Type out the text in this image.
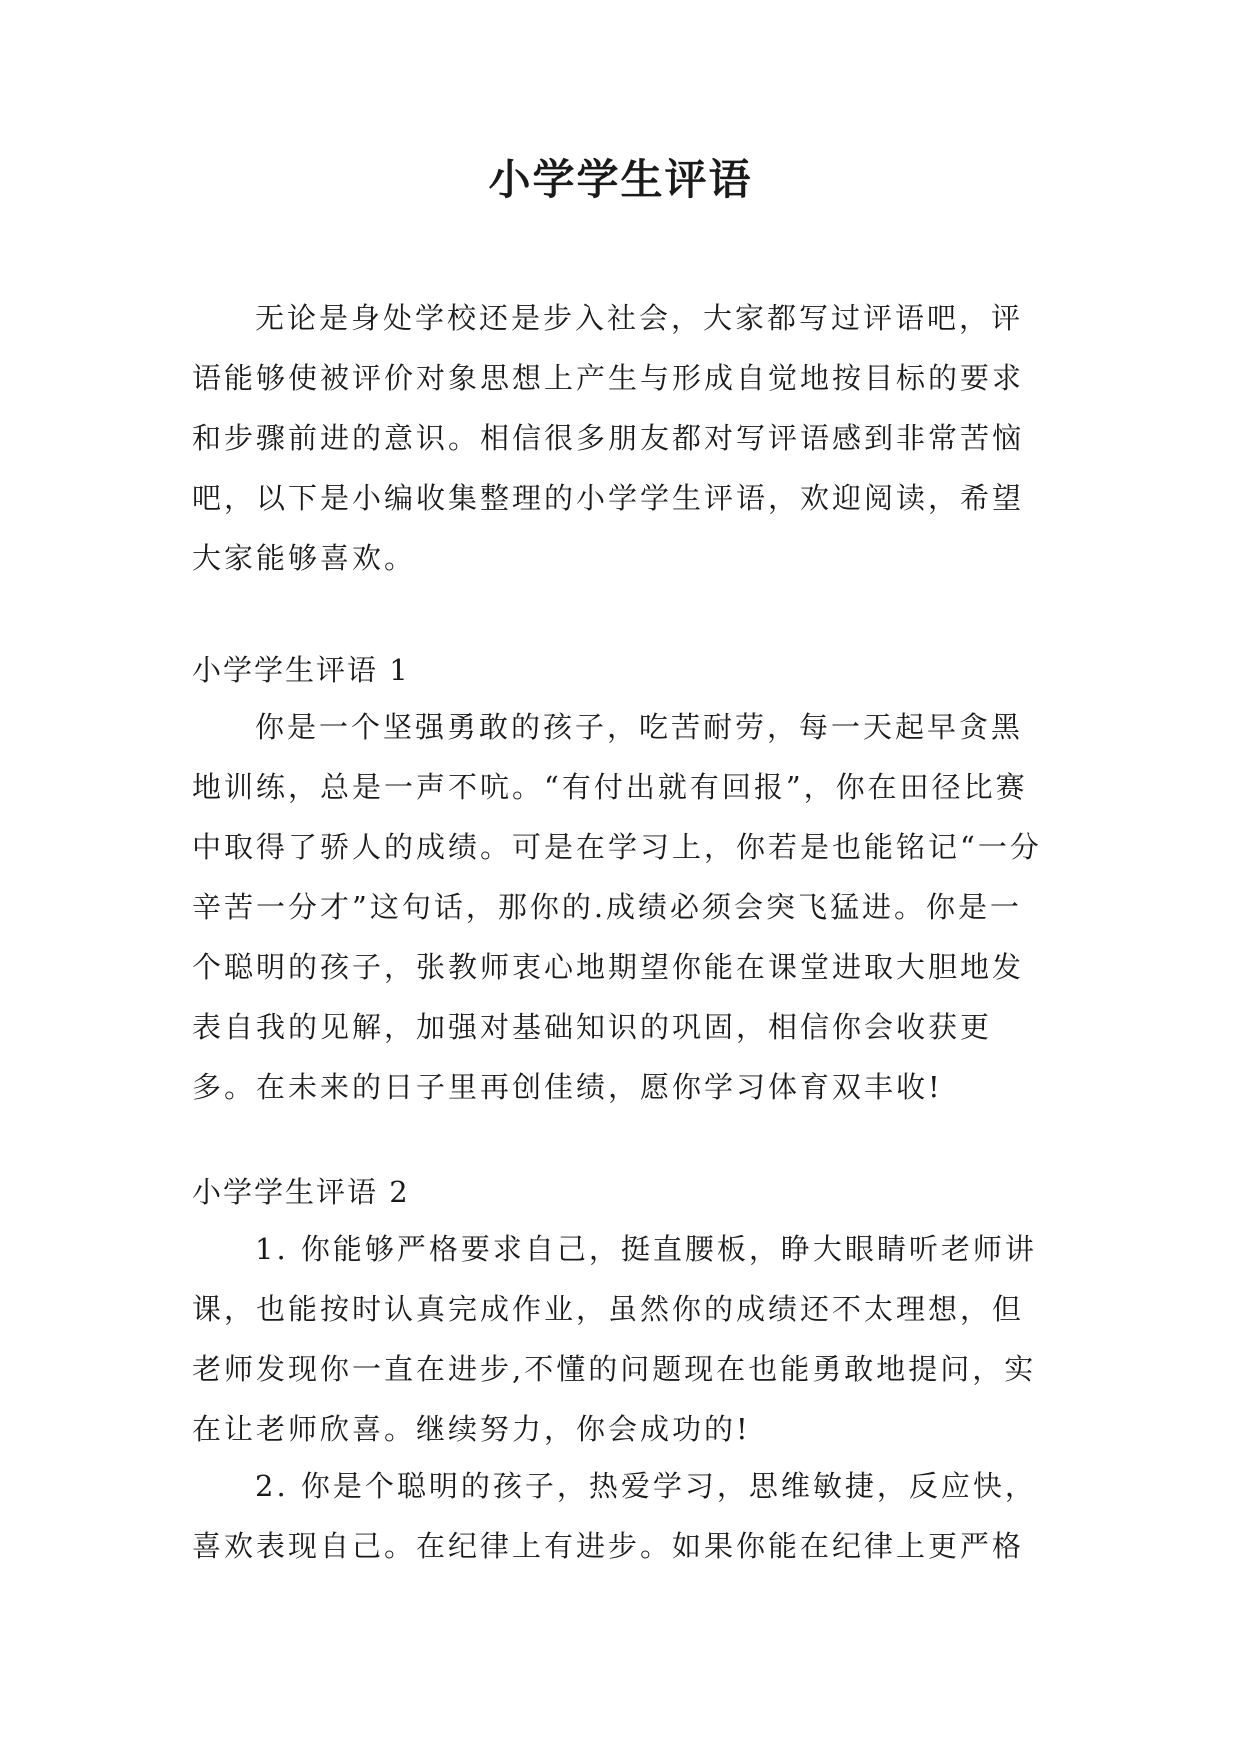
小学学生评语

无论是身处学校还是步入社会，大家都写过评语吧，评语能够使被评价对象思想上产生与形成自觉地按目标的要求和步骤前进的意识。相信很多朋友都对写评语感到非常苦恼吧，以下是小编收集整理的小学学生评语，欢迎阅读，希望大家能够喜欢。

小学学生评语 1

你是一个坚强勇敢的孩子，吃苦耐劳，每一天起早贪黑地训练，总是一声不吭。“有付出就有回报”，你在田径比赛中取得了骄人的成绩。可是在学习上，你若是也能铭记“一分辛苦一分才”这句话，那你的.成绩必须会突飞猛进。你是一个聪明的孩子，张教师衷心地期望你能在课堂进取大胆地发表自我的见解，加强对基础知识的巩固，相信你会收获更多。在未来的日子里再创佳绩，愿你学习体育双丰收!

小学学生评语 2

1. 你能够严格要求自己，挺直腰板，睁大眼睛听老师讲课，也能按时认真完成作业，虽然你的成绩还不太理想，但老师发现你一直在进步,不懂的问题现在也能勇敢地提问，实在让老师欣喜。继续努力，你会成功的!

2. 你是个聪明的孩子，热爱学习，思维敏捷，反应快，喜欢表现自己。在纪律上有进步。如果你能在纪律上更严格
